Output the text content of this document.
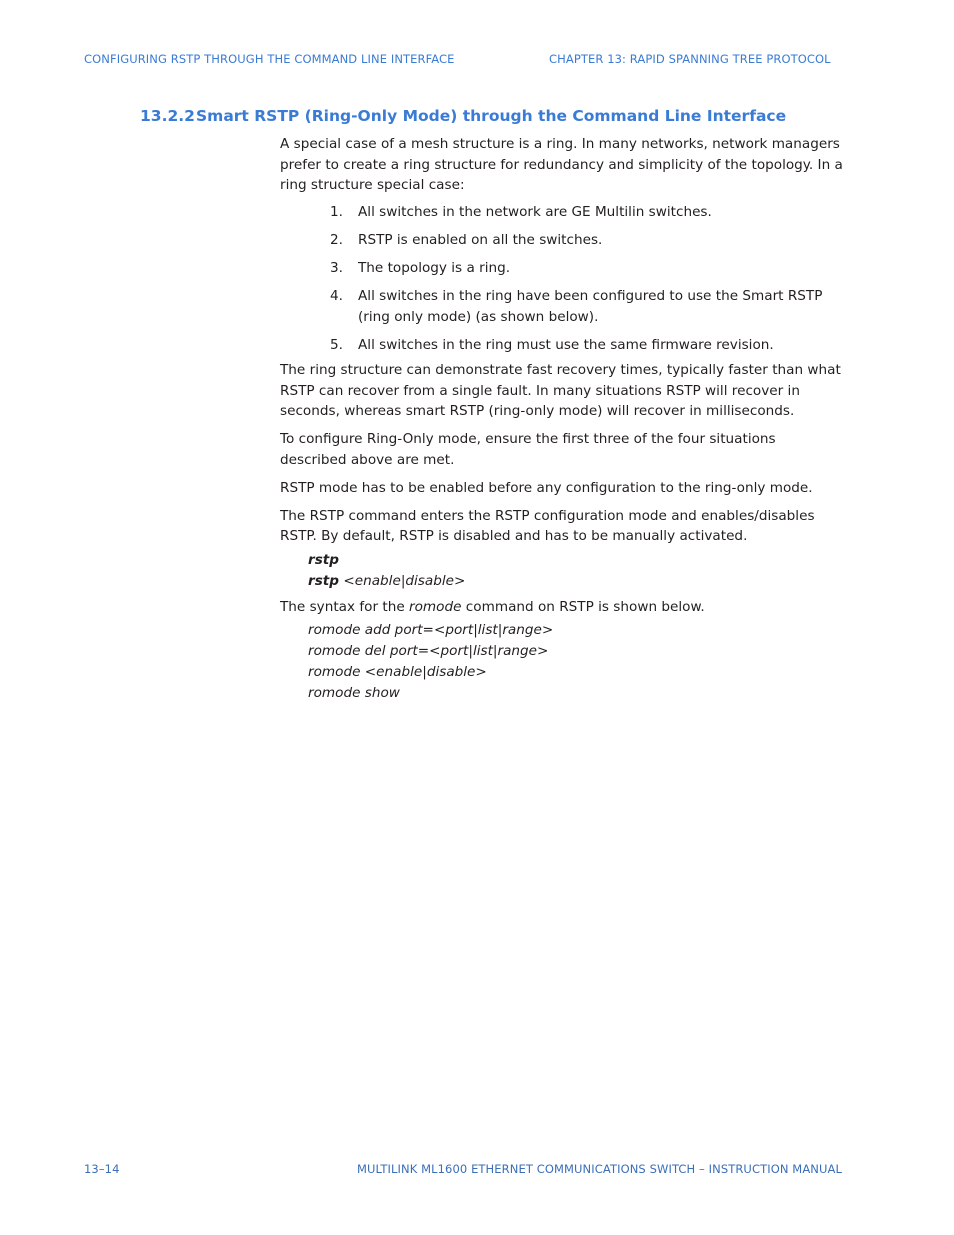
CONFIGURING RSTP THROUGH THE COMMAND LINE INTERFACE	CHAPTER 13: RAPID SPANNING TREE PROTOCOL
13.2.2Smart RSTP (Ring-Only Mode) through the Command Line Interface

A special case of a mesh structure is a ring. In many networks, network managers prefer to create a ring structure for redundancy and simplicity of the topology. In a ring structure special case:

1. All switches in the network are GE Multilin switches.
2. RSTP is enabled on all the switches.
3. The topology is a ring.
4. All switches in the ring have been configured to use the Smart RSTP (ring only mode) (as shown below).
5. All switches in the ring must use the same firmware revision.

The ring structure can demonstrate fast recovery times, typically faster than what RSTP can recover from a single fault. In many situations RSTP will recover in seconds, whereas smart RSTP (ring-only mode) will recover in milliseconds.

To configure Ring-Only mode, ensure the first three of the four situations described above are met.

RSTP mode has to be enabled before any configuration to the ring-only mode.

The RSTP command enters the RSTP configuration mode and enables/disables RSTP. By default, RSTP is disabled and has to be manually activated.

rstp
rstp <enable|disable>
The syntax for the romode command on RSTP is shown below.
romode add port=<port|list|range>
romode del port=<port|list|range>
romode <enable|disable>
romode show
13–14	MULTILINK ML1600 ETHERNET COMMUNICATIONS SWITCH – INSTRUCTION MANUAL
